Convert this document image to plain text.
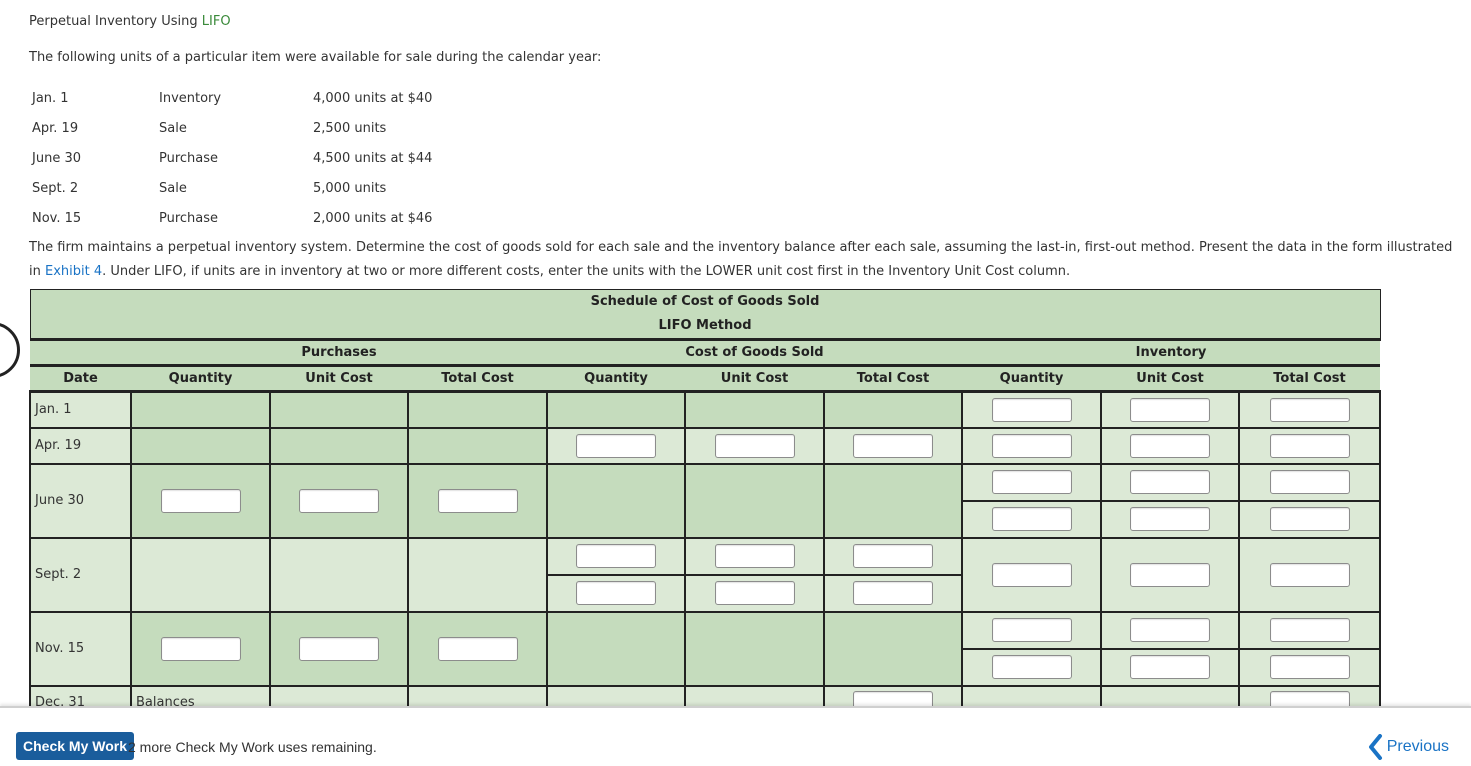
Perpetual Inventory Using LIFO
The following units of a particular item were available for sale during the calendar year:
Jan. 1	Inventory	4,000 units at $40
Apr. 19	Sale	2,500 units
June 30	Purchase	4,500 units at $44
Sept. 2	Sale	5,000 units
Nov. 15	Purchase	2,000 units at $46
The firm maintains a perpetual inventory system. Determine the cost of goods sold for each sale and the inventory balance after each sale, assuming the last-in, first-out method. Present the data in the form illustrated in Exhibit 4. Under LIFO, if units are in inventory at two or more different costs, enter the units with the LOWER unit cost first in the Inventory Unit Cost column.
Schedule of Cost of Goods Sold
LIFO Method									

	Purchases			Cost of Goods Sold			Inventory		
Date	Quantity	Unit Cost	Total Cost	Quantity	Unit Cost	Total Cost	Quantity	Unit Cost	Total Cost
Jan. 1									
Apr. 19									
June 30							

Sept. 2				

Nov. 15							

Dec. 31	Balances								
Check My Work 2 more Check My Work uses remaining.	Previous
